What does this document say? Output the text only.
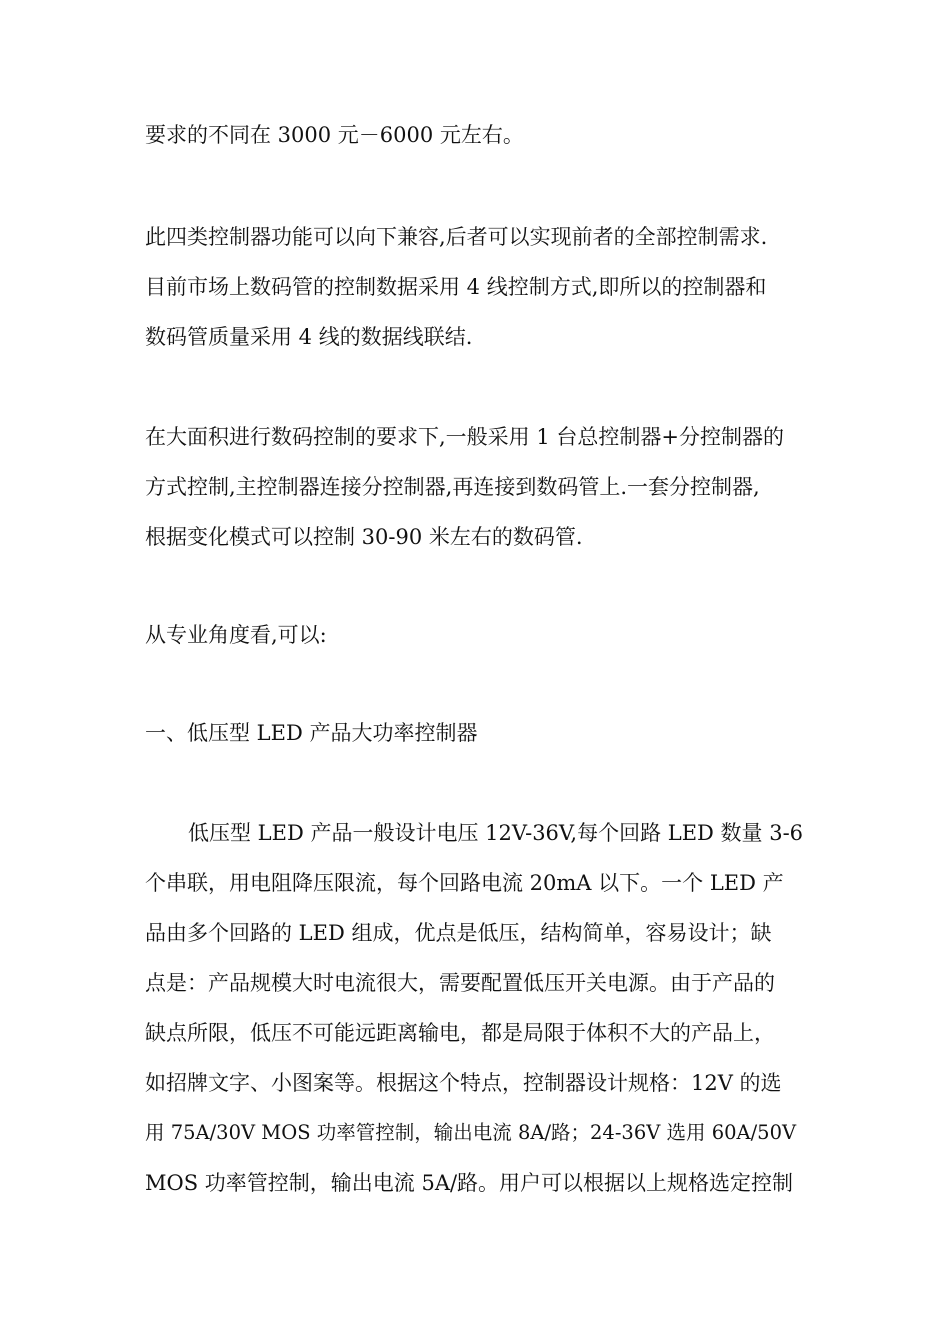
要求的不同在 3000 元－6000 元左右。
此四类控制器功能可以向下兼容,后者可以实现前者的全部控制需求.
目前市场上数码管的控制数据采用 4 线控制方式,即所以的控制器和
数码管质量采用 4 线的数据线联结.
在大面积进行数码控制的要求下,一般采用 1 台总控制器+分控制器的
方式控制,主控制器连接分控制器,再连接到数码管上.一套分控制器,
根据变化模式可以控制 30-90 米左右的数码管.
从专业角度看,可以:
一、低压型 LED 产品大功率控制器
低压型 LED 产品一般设计电压 12V-36V,每个回路 LED 数量 3-6
个串联，用电阻降压限流，每个回路电流 20mA 以下。一个 LED 产
品由多个回路的 LED 组成，优点是低压，结构简单，容易设计；缺
点是：产品规模大时电流很大，需要配置低压开关电源。由于产品的
缺点所限，低压不可能远距离输电，都是局限于体积不大的产品上，
如招牌文字、小图案等。根据这个特点，控制器设计规格：12V 的选
用 75A/30V MOS 功率管控制，输出电流 8A/路；24-36V 选用 60A/50V
MOS 功率管控制，输出电流 5A/路。用户可以根据以上规格选定控制
